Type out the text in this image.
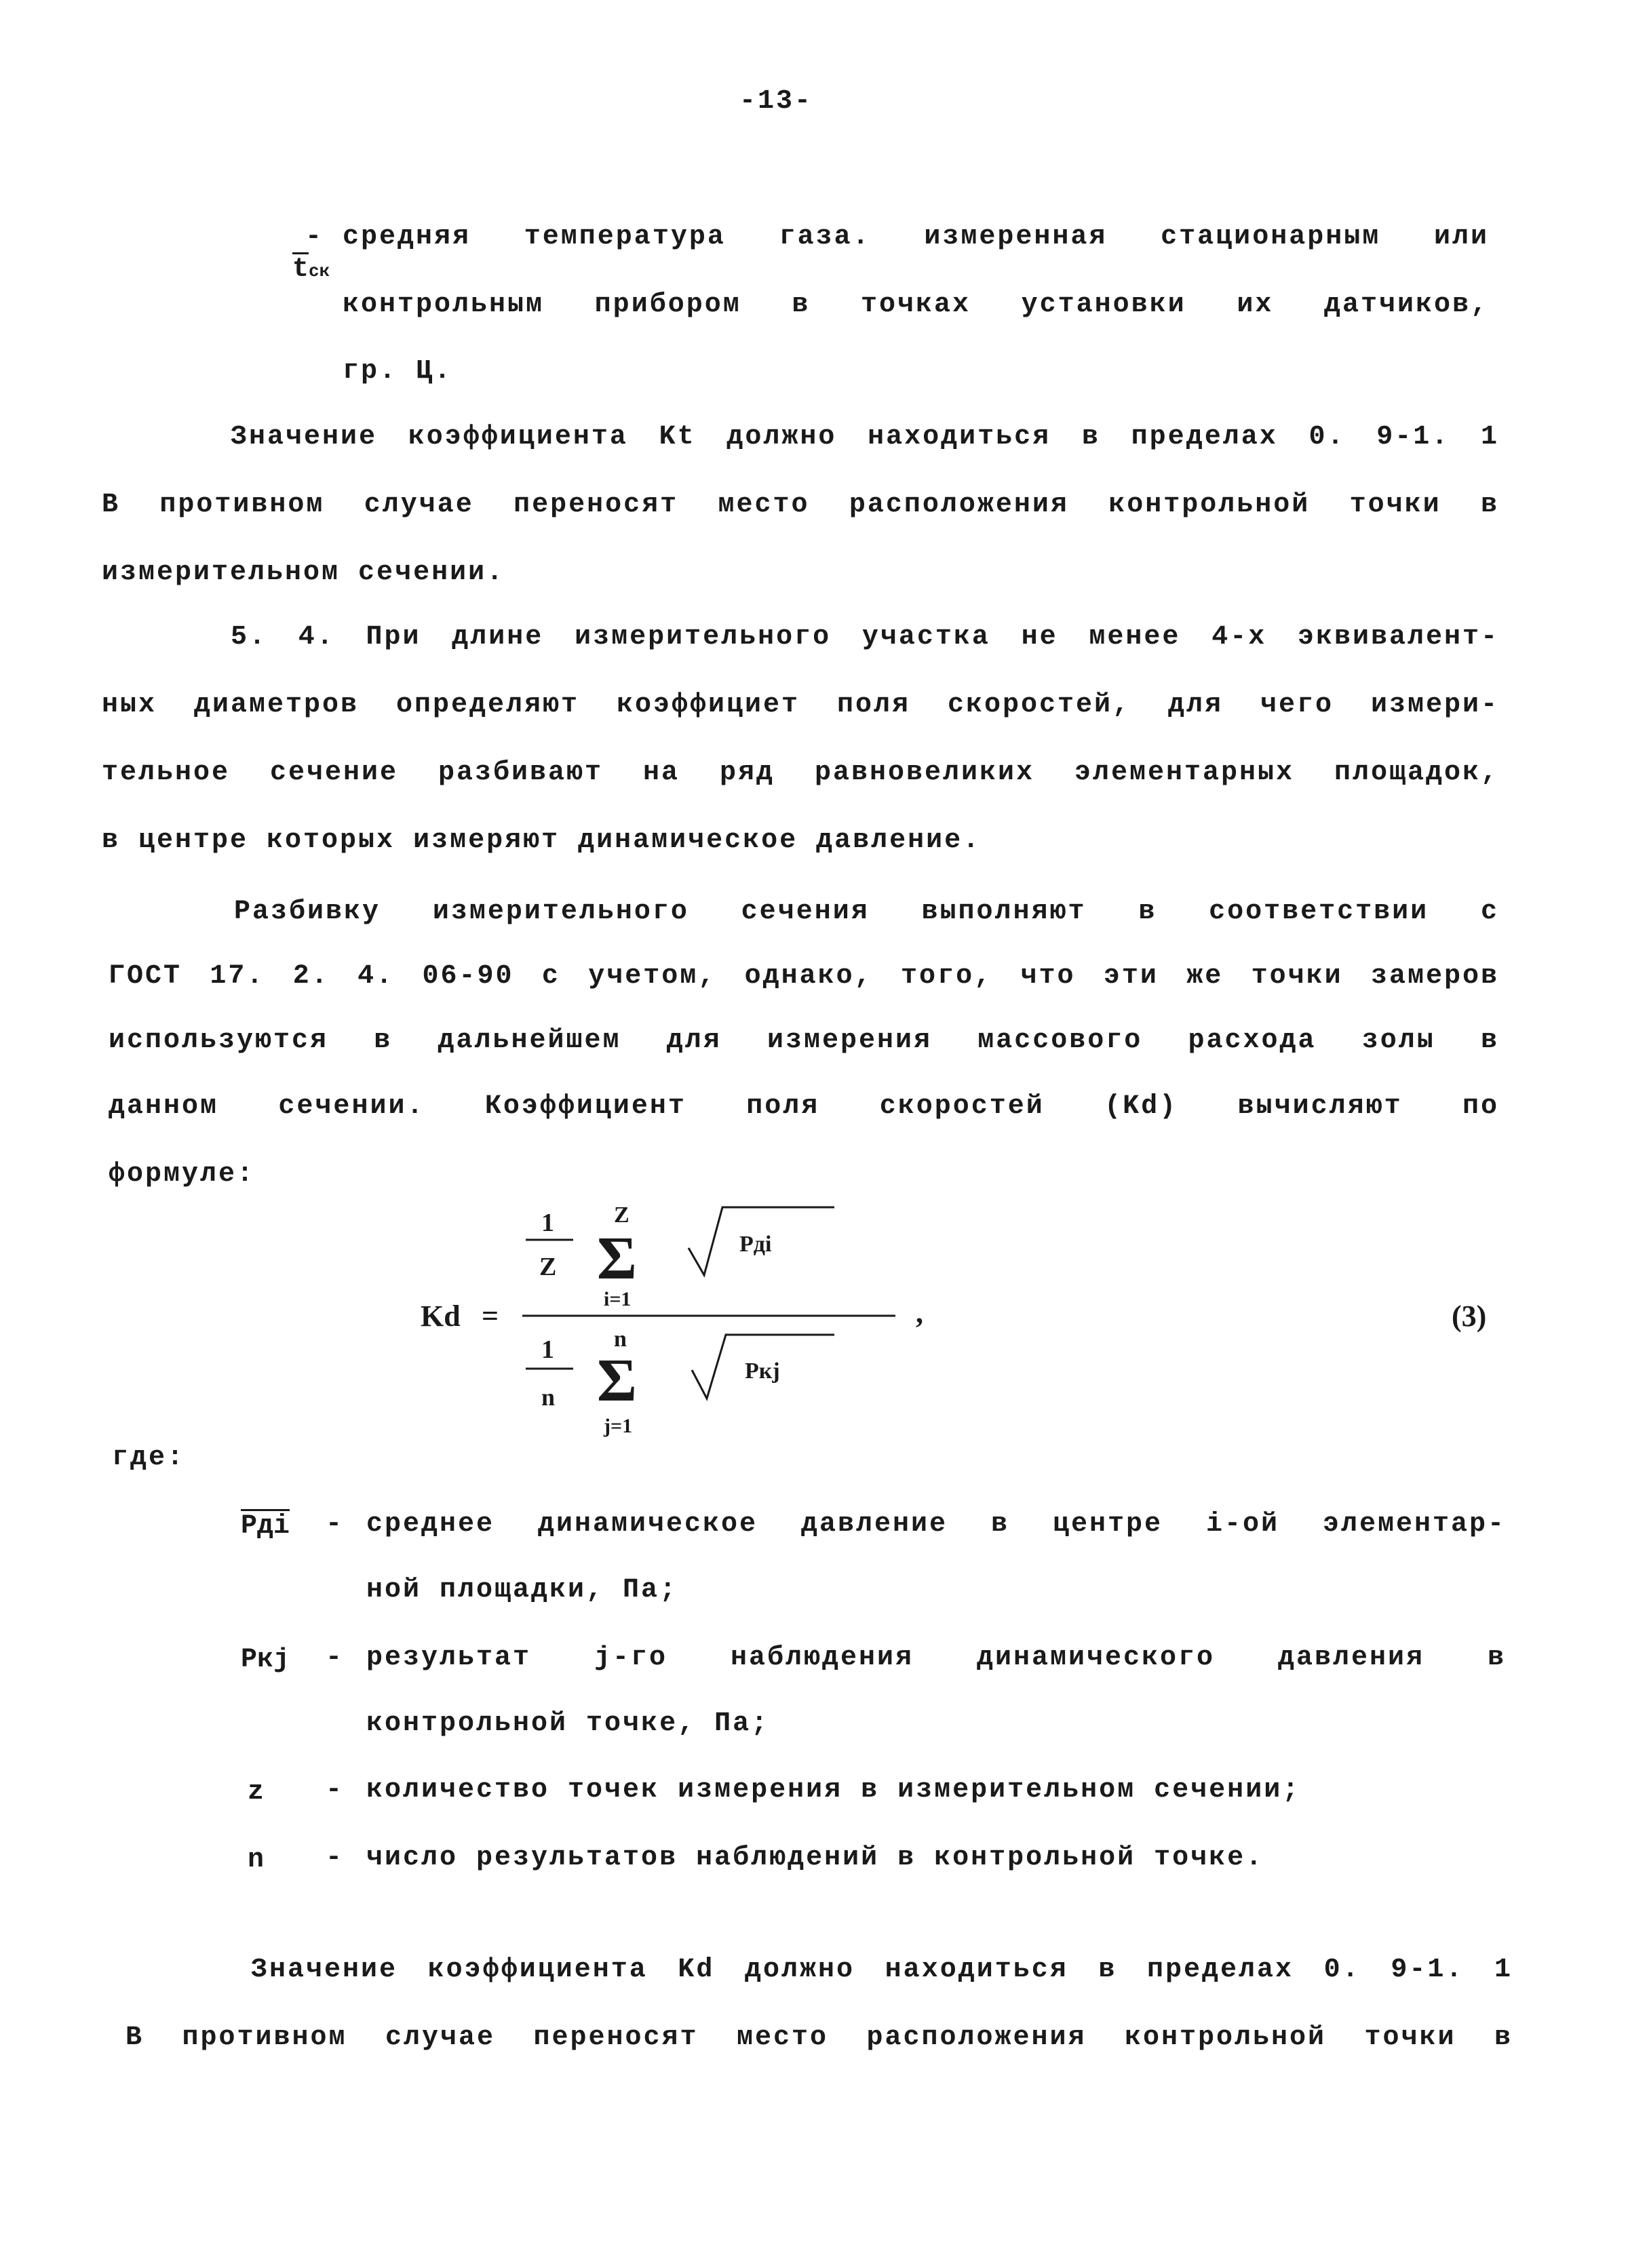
-13-

tск

- средняя температура газа. измеренная стационарным или
контрольным прибором в точках установки их датчиков,
гр. Ц.
Значение коэффициента Kt должно находиться в пределах 0. 9-1. 1
В противном случае переносят место расположения контрольной точки в
измерительном сечении.
5. 4. При длине измерительного участка не менее 4-х эквивалент-
ных диаметров определяют коэффициет поля скоростей, для чего измери-
тельное сечение разбивают на ряд равновеликих элементарных площадок,
в центре которых измеряют динамическое давление.
Разбивку измерительного сечения выполняют в соответствии с
ГОСТ 17. 2. 4. 06-90 с учетом, однако, того, что эти же точки замеров
используются в дальнейшем для измерения массового расхода золы в
данном сечении. Коэффициент поля скоростей (Kd) вычисляют по
формуле:
Kd =
1
Z
Z
Σ
i=1
Pдi
,
1
n
n
Σ
j=1
Pкj
(3)
где:
Pдi - среднее динамическое давление в центре i-ой элементар-
ной площадки, Па;
Pкj - результат j-го наблюдения динамического давления в
контрольной точке, Па;
z - количество точек измерения в измерительном сечении;
n - число результатов наблюдений в контрольной точке.
Значение коэффициента Kd должно находиться в пределах 0. 9-1. 1
В противном случае переносят место расположения контрольной точки в
